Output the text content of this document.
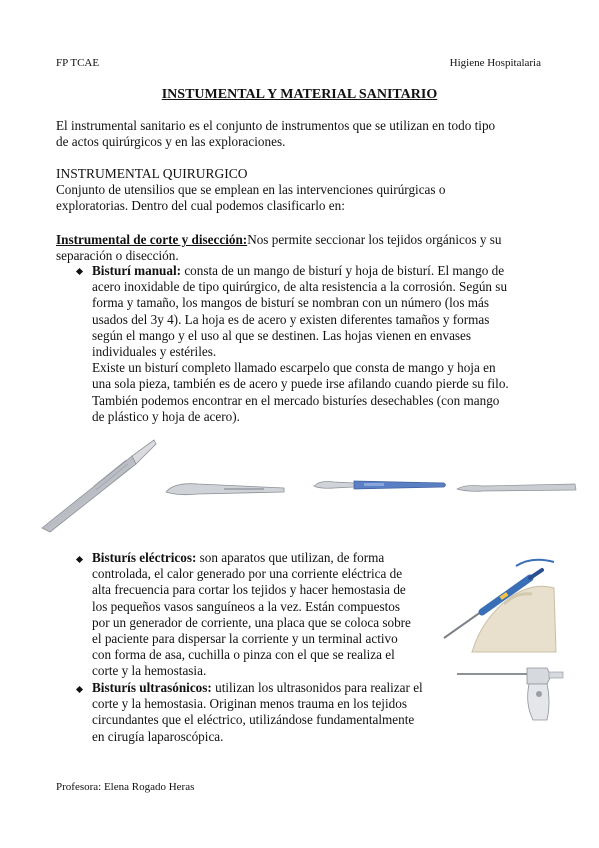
FP TCAE	Higiene Hospitalaria
INSTUMENTAL Y MATERIAL SANITARIO
El instrumental sanitario es el conjunto de instrumentos que se utilizan en todo tipo
de actos quirúrgicos y en las exploraciones.
INSTRUMENTAL QUIRURGICO
Conjunto de utensilios que se emplean en las intervenciones quirúrgicas o
exploratorias. Dentro del cual podemos clasificarlo en:
Instrumental de corte y disección:Nos permite seccionar los tejidos orgánicos y su
separación o disección.
Bisturí manual: consta de un mango de bisturí y hoja de bisturí. El mango de
acero inoxidable de tipo quirúrgico, de alta resistencia a la corrosión. Según su
forma y tamaño, los mangos de bisturí se nombran con un número (los más
usados del 3y 4). La hoja es de acero y existen diferentes tamaños y formas
según el mango y el uso al que se destinen. Las hojas vienen en envases
individuales y estériles.
Existe un bisturí completo llamado escarpelo que consta de mango y hoja en
una sola pieza, también es de acero y puede irse afilando cuando pierde su filo.
También podemos encontrar en el mercado bisturíes desechables (con mango
de plástico y hoja de acero).
Bisturís eléctricos: son aparatos que utilizan, de forma
controlada, el calor generado por una corriente eléctrica de
alta frecuencia para cortar los tejidos y hacer hemostasia de
los pequeños vasos sanguíneos a la vez. Están compuestos
por un generador de corriente, una placa que se coloca sobre
el paciente para dispersar la corriente y un terminal activo
con forma de asa, cuchilla o pinza con el que se realiza el
corte y la hemostasia.
Bisturís ultrasónicos: utilizan los ultrasonidos para realizar el
corte y la hemostasia. Originan menos trauma en los tejidos
circundantes que el eléctrico, utilizándose fundamentalmente
en cirugía laparoscópica.
Profesora: Elena Rogado Heras
